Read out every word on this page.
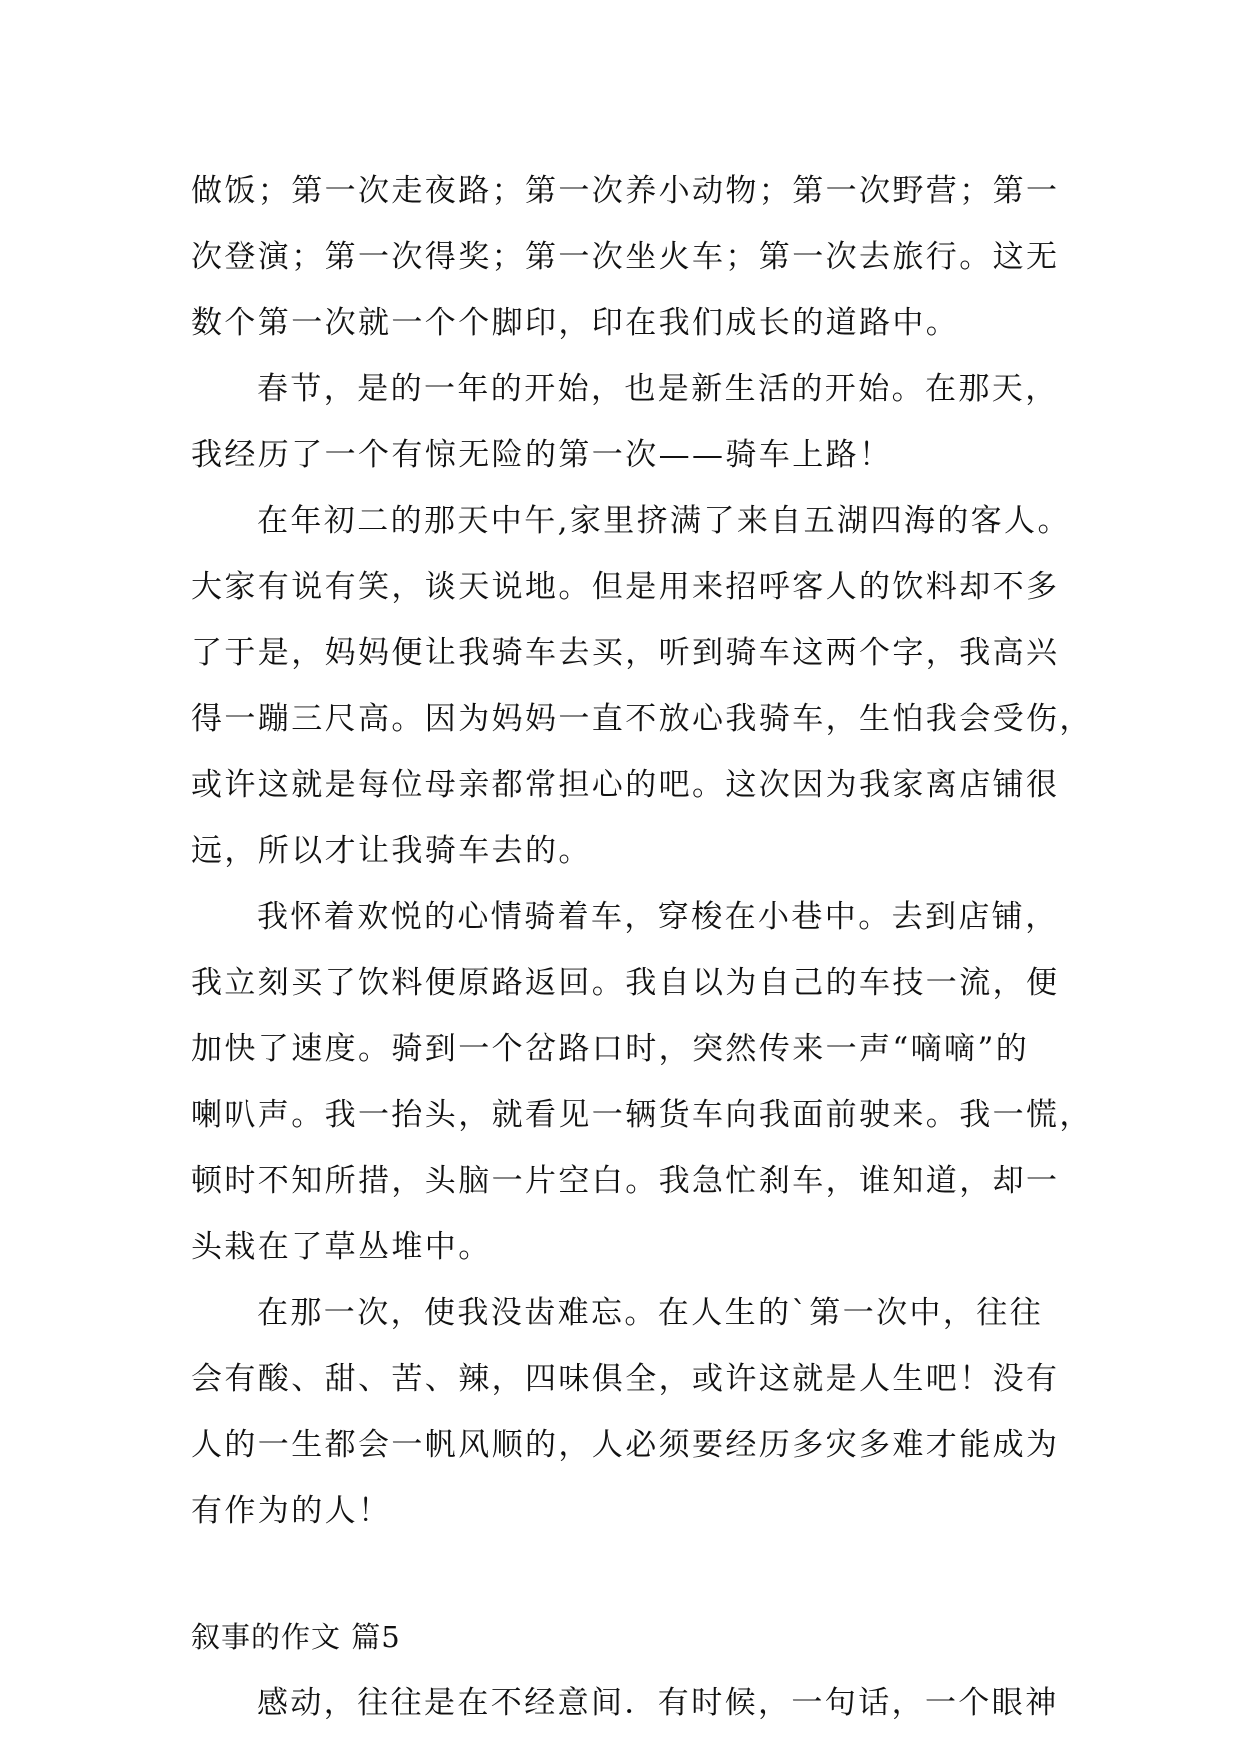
做饭；第一次走夜路；第一次养小动物；第一次野营；第一
次登演；第一次得奖；第一次坐火车；第一次去旅行。这无
数个第一次就一个个脚印，印在我们成长的道路中。
春节，是的一年的开始，也是新生活的开始。在那天，
我经历了一个有惊无险的第一次——骑车上路！
在年初二的那天中午,家里挤满了来自五湖四海的客人。
大家有说有笑，谈天说地。但是用来招呼客人的饮料却不多
了于是，妈妈便让我骑车去买，听到骑车这两个字，我高兴
得一蹦三尺高。因为妈妈一直不放心我骑车，生怕我会受伤，
或许这就是每位母亲都常担心的吧。这次因为我家离店铺很
远，所以才让我骑车去的。
我怀着欢悦的心情骑着车，穿梭在小巷中。去到店铺，
我立刻买了饮料便原路返回。我自以为自己的车技一流，便
加快了速度。骑到一个岔路口时，突然传来一声“嘀嘀”的
喇叭声。我一抬头，就看见一辆货车向我面前驶来。我一慌，
顿时不知所措，头脑一片空白。我急忙刹车，谁知道，却一
头栽在了草丛堆中。
在那一次，使我没齿难忘。在人生的`第一次中，往往
会有酸、甜、苦、辣，四味俱全，或许这就是人生吧！没有
人的一生都会一帆风顺的，人必须要经历多灾多难才能成为
有作为的人！
叙事的作文 篇5
感动，往往是在不经意间．有时候，一句话，一个眼神
